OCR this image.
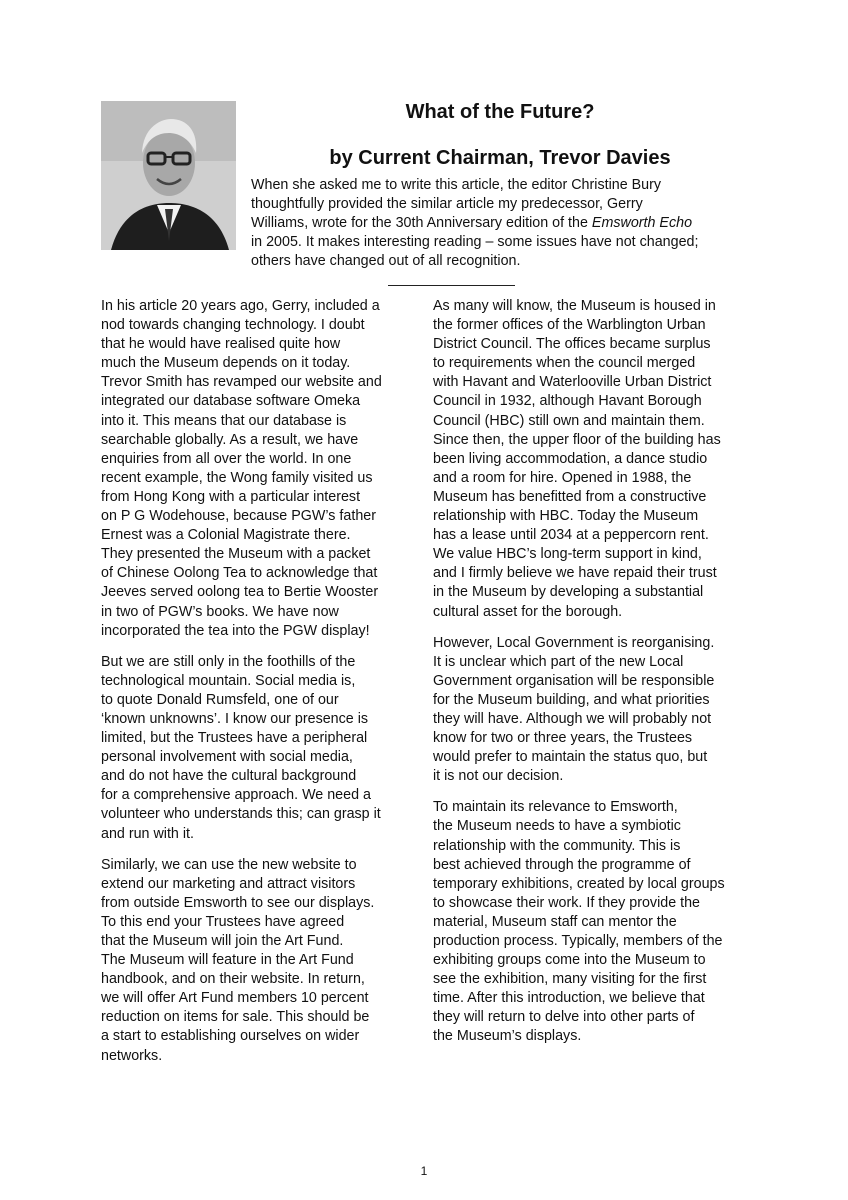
What of the Future?
by Current Chairman, Trevor Davies

When she asked me to write this article, the editor Christine Bury
thoughtfully provided the similar article my predecessor, Gerry
Williams, wrote for the 30th Anniversary edition of the Emsworth Echo
in 2005. It makes interesting reading – some issues have not changed;
others have changed out of all recognition.

In his article 20 years ago, Gerry, included a
nod towards changing technology. I doubt
that he would have realised quite how
much the Museum depends on it today.
Trevor Smith has revamped our website and
integrated our database software Omeka
into it. This means that our database is
searchable globally. As a result, we have
enquiries from all over the world. In one
recent example, the Wong family visited us
from Hong Kong with a particular interest
on P G Wodehouse, because PGW’s father
Ernest was a Colonial Magistrate there.
They presented the Museum with a packet
of Chinese Oolong Tea to acknowledge that
Jeeves served oolong tea to Bertie Wooster
in two of PGW’s books. We have now
incorporated the tea into the PGW display!

But we are still only in the foothills of the
technological mountain. Social media is,
to quote Donald Rumsfeld, one of our
‘known unknowns’. I know our presence is
limited, but the Trustees have a peripheral
personal involvement with social media,
and do not have the cultural background
for a comprehensive approach. We need a
volunteer who understands this; can grasp it
and run with it.

Similarly, we can use the new website to
extend our marketing and attract visitors
from outside Emsworth to see our displays.
To this end your Trustees have agreed
that the Museum will join the Art Fund.
The Museum will feature in the Art Fund
handbook, and on their website. In return,
we will offer Art Fund members 10 percent
reduction on items for sale. This should be
a start to establishing ourselves on wider
networks.

As many will know, the Museum is housed in
the former offices of the Warblington Urban
District Council. The offices became surplus
to requirements when the council merged
with Havant and Waterlooville Urban District
Council in 1932, although Havant Borough
Council (HBC) still own and maintain them.
Since then, the upper floor of the building has
been living accommodation, a dance studio
and a room for hire. Opened in 1988, the
Museum has benefitted from a constructive
relationship with HBC. Today the Museum
has a lease until 2034 at a peppercorn rent.
We value HBC’s long-term support in kind,
and I firmly believe we have repaid their trust
in the Museum by developing a substantial
cultural asset for the borough.

However, Local Government is reorganising.
It is unclear which part of the new Local
Government organisation will be responsible
for the Museum building, and what priorities
they will have. Although we will probably not
know for two or three years, the Trustees
would prefer to maintain the status quo, but
it is not our decision.

To maintain its relevance to Emsworth,
the Museum needs to have a symbiotic
relationship with the community. This is
best achieved through the programme of
temporary exhibitions, created by local groups
to showcase their work. If they provide the
material, Museum staff can mentor the
production process. Typically, members of the
exhibiting groups come into the Museum to
see the exhibition, many visiting for the first
time. After this introduction, we believe that
they will return to delve into other parts of
the Museum’s displays.

1
